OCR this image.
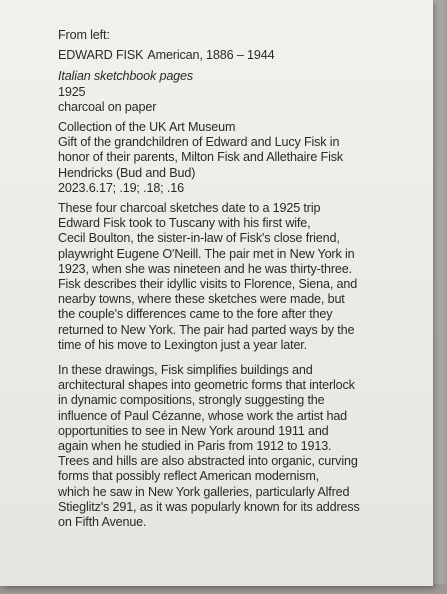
From left:
EDWARD FISK American, 1886 – 1944
Italian sketchbook pages
1925
charcoal on paper
Collection of the UK Art Museum
Gift of the grandchildren of Edward and Lucy Fisk in
honor of their parents, Milton Fisk and Allethaire Fisk
Hendricks (Bud and Bud)
2023.6.17; .19; .18; .16
These four charcoal sketches date to a 1925 trip
Edward Fisk took to Tuscany with his first wife,
Cecil Boulton, the sister-in-law of Fisk's close friend,
playwright Eugene O'Neill. The pair met in New York in
1923, when she was nineteen and he was thirty-three.
Fisk describes their idyllic visits to Florence, Siena, and
nearby towns, where these sketches were made, but
the couple's differences came to the fore after they
returned to New York. The pair had parted ways by the
time of his move to Lexington just a year later.
In these drawings, Fisk simplifies buildings and
architectural shapes into geometric forms that interlock
in dynamic compositions, strongly suggesting the
influence of Paul Cézanne, whose work the artist had
opportunities to see in New York around 1911 and
again when he studied in Paris from 1912 to 1913.
Trees and hills are also abstracted into organic, curving
forms that possibly reflect American modernism,
which he saw in New York galleries, particularly Alfred
Stieglitz's 291, as it was popularly known for its address
on Fifth Avenue.
